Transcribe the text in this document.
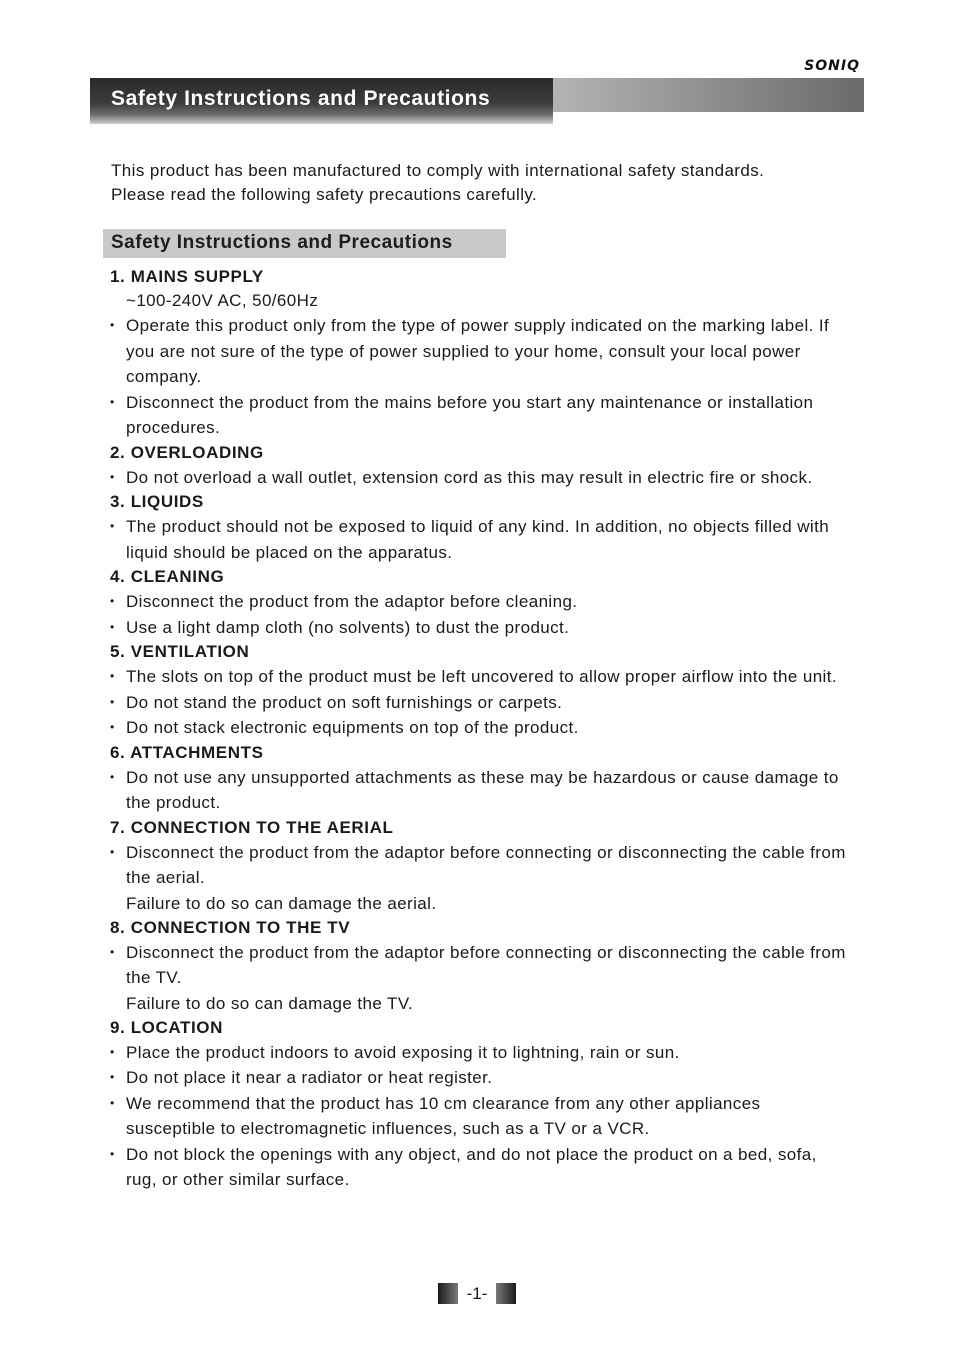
SONIQ
Safety Instructions and Precautions

This product has been manufactured to comply with international safety standards.

Please read the following safety precautions carefully.

Safety Instructions and Precautions
1. MAINS SUPPLY
~100-240V AC, 50/60Hz
• Operate this product only from the type of power supply indicated on the marking label. If you are not sure of the type of power supplied to your home, consult your local power company.
• Disconnect the product from the mains before you start any maintenance or installation procedures.
2. OVERLOADING
• Do not overload a wall outlet, extension cord as this may result in electric fire or shock.
3. LIQUIDS
• The product should not be exposed to liquid of any kind. In addition, no objects filled with liquid should be placed on the apparatus.
4. CLEANING
• Disconnect the product from the adaptor before cleaning.
• Use a light damp cloth (no solvents) to dust the product.
5. VENTILATION
• The slots on top of the product must be left uncovered to allow proper airflow into the unit.
• Do not stand the product on soft furnishings or carpets.
• Do not stack electronic equipments on top of the product.
6. ATTACHMENTS
• Do not use any unsupported attachments as these may be hazardous or cause damage to the product.
7. CONNECTION TO THE AERIAL
• Disconnect the product from the adaptor before connecting or disconnecting the cable from the aerial.
Failure to do so can damage the aerial.
8. CONNECTION TO THE TV
• Disconnect the product from the adaptor before connecting or disconnecting the cable from the TV.
Failure to do so can damage the TV.
9. LOCATION
• Place the product indoors to avoid exposing it to lightning, rain or sun.
• Do not place it near a radiator or heat register.
• We recommend that the product has 10 cm clearance from any other appliances susceptible to electromagnetic influences, such as a TV or a VCR.
• Do not block the openings with any object, and do not place the product on a bed, sofa, rug, or other similar surface.
-1-
